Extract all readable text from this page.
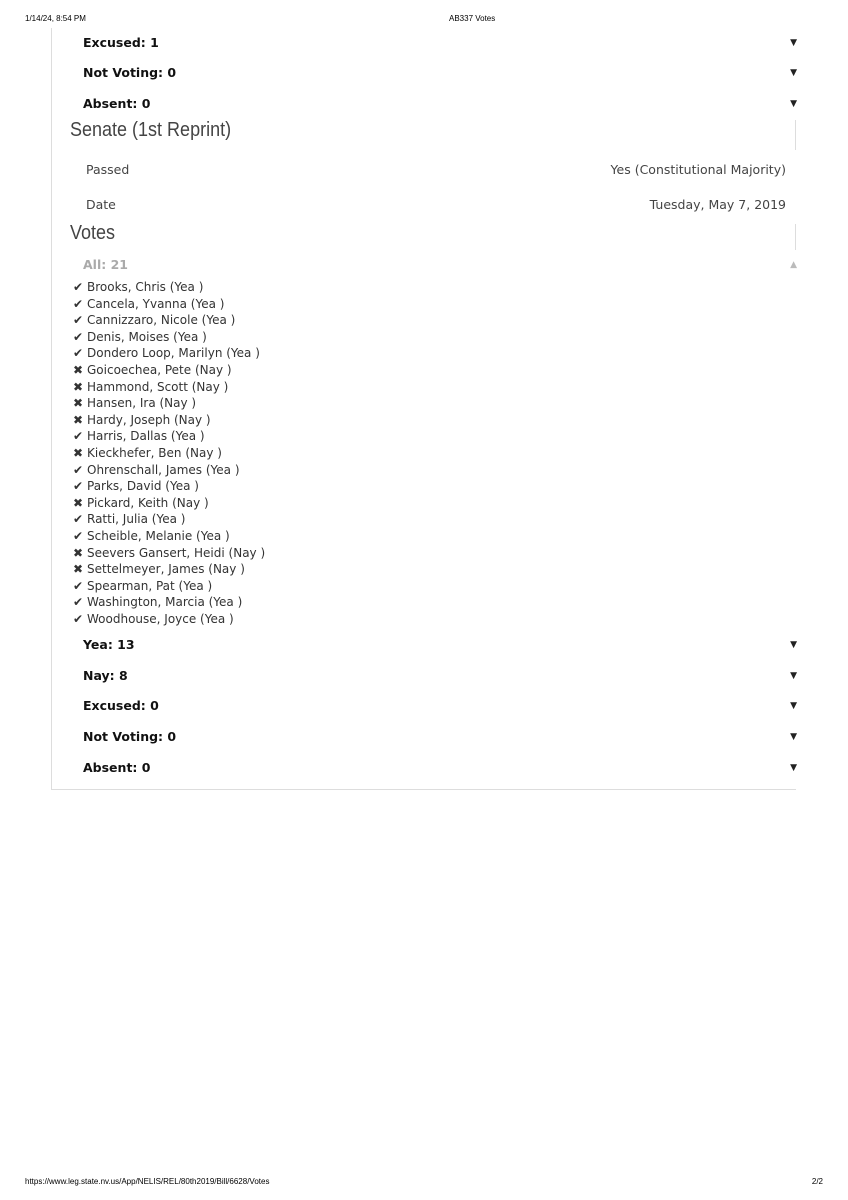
1/14/24, 8:54 PM	AB337 Votes
Excused: 1	▼
Not Voting: 0	▼
Absent: 0	▼
Senate (1st Reprint)
Passed	Yes (Constitutional Majority)
Date	Tuesday, May 7, 2019
Votes
All: 21	▲
✔ Brooks, Chris (Yea )
✔ Cancela, Yvanna (Yea )
✔ Cannizzaro, Nicole (Yea )
✔ Denis, Moises (Yea )
✔ Dondero Loop, Marilyn (Yea )
✖ Goicoechea, Pete (Nay )
✖ Hammond, Scott (Nay )
✖ Hansen, Ira (Nay )
✖ Hardy, Joseph (Nay )
✔ Harris, Dallas (Yea )
✖ Kieckhefer, Ben (Nay )
✔ Ohrenschall, James (Yea )
✔ Parks, David (Yea )
✖ Pickard, Keith (Nay )
✔ Ratti, Julia (Yea )
✔ Scheible, Melanie (Yea )
✖ Seevers Gansert, Heidi (Nay )
✖ Settelmeyer, James (Nay )
✔ Spearman, Pat (Yea )
✔ Washington, Marcia (Yea )
✔ Woodhouse, Joyce (Yea )
Yea: 13	▼
Nay: 8	▼
Excused: 0	▼
Not Voting: 0	▼
Absent: 0	▼
https://www.leg.state.nv.us/App/NELIS/REL/80th2019/Bill/6628/Votes	2/2
